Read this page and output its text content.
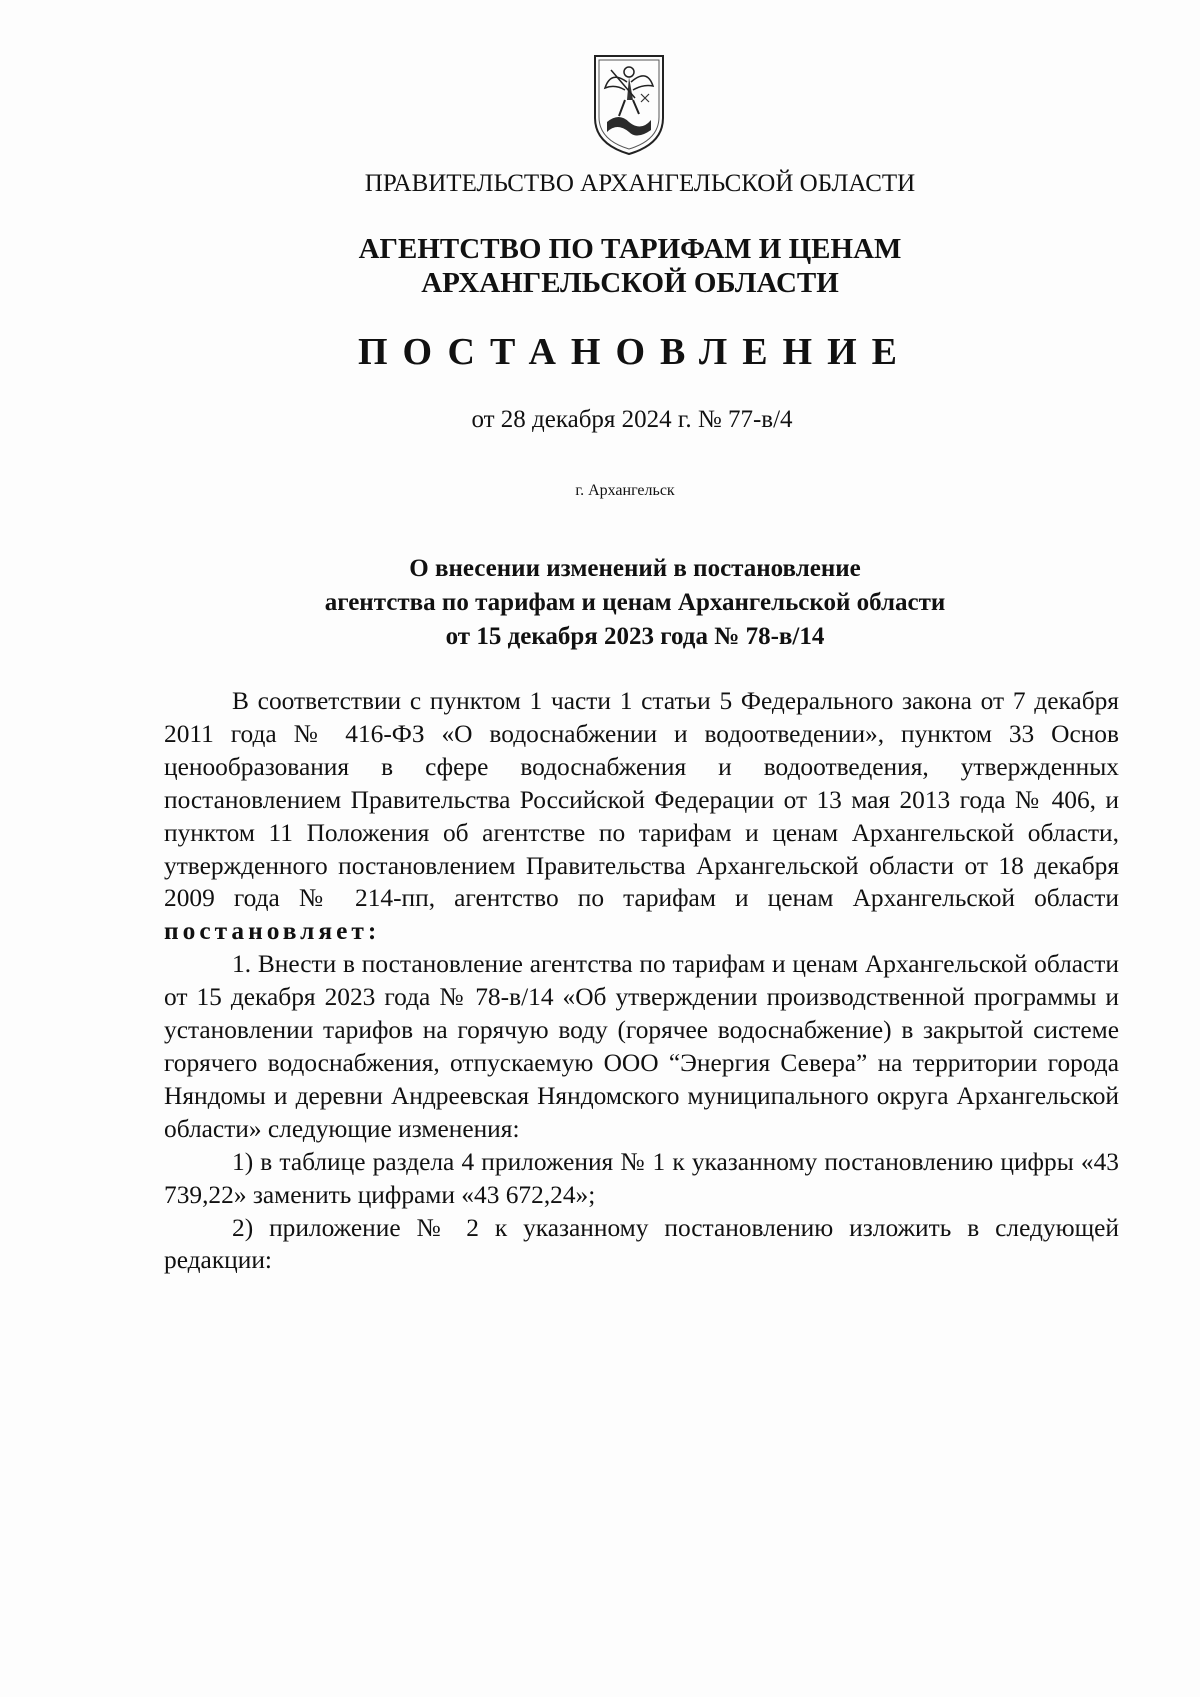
ПРАВИТЕЛЬСТВО АРХАНГЕЛЬСКОЙ ОБЛАСТИ
АГЕНТСТВО ПО ТАРИФАМ И ЦЕНАМ
АРХАНГЕЛЬСКОЙ ОБЛАСТИ
ПОСТАНОВЛЕНИЕ
от 28 декабря 2024 г. № 77-в/4
г. Архангельск
О внесении изменений в постановление
агентства по тарифам и ценам Архангельской области
от 15 декабря 2023 года № 78-в/14

В соответствии с пунктом 1 части 1 статьи 5 Федерального закона от 7 декабря 2011 года № 416-ФЗ «О водоснабжении и водоотведении», пунктом 33 Основ ценообразования в сфере водоснабжения и водоотведения, утвержденных постановлением Правительства Российской Федерации от 13 мая 2013 года № 406, и пунктом 11 Положения об агентстве по тарифам и ценам Архангельской области, утвержденного постановлением Правительства Архангельской области от 18 декабря 2009 года № 214-пп, агентство по тарифам и ценам Архангельской области постановляет:

1. Внести в постановление агентства по тарифам и ценам Архангельской области от 15 декабря 2023 года № 78-в/14 «Об утверждении производственной программы и установлении тарифов на горячую воду (горячее водоснабжение) в закрытой системе горячего водоснабжения, отпускаемую ООО “Энергия Севера” на территории города Няндомы и деревни Андреевская Няндомского муниципального округа Архангельской области» следующие изменения:

1) в таблице раздела 4 приложения № 1 к указанному постановлению цифры «43 739,22» заменить цифрами «43 672,24»;

2) приложение № 2 к указанному постановлению изложить в следующей редакции:
